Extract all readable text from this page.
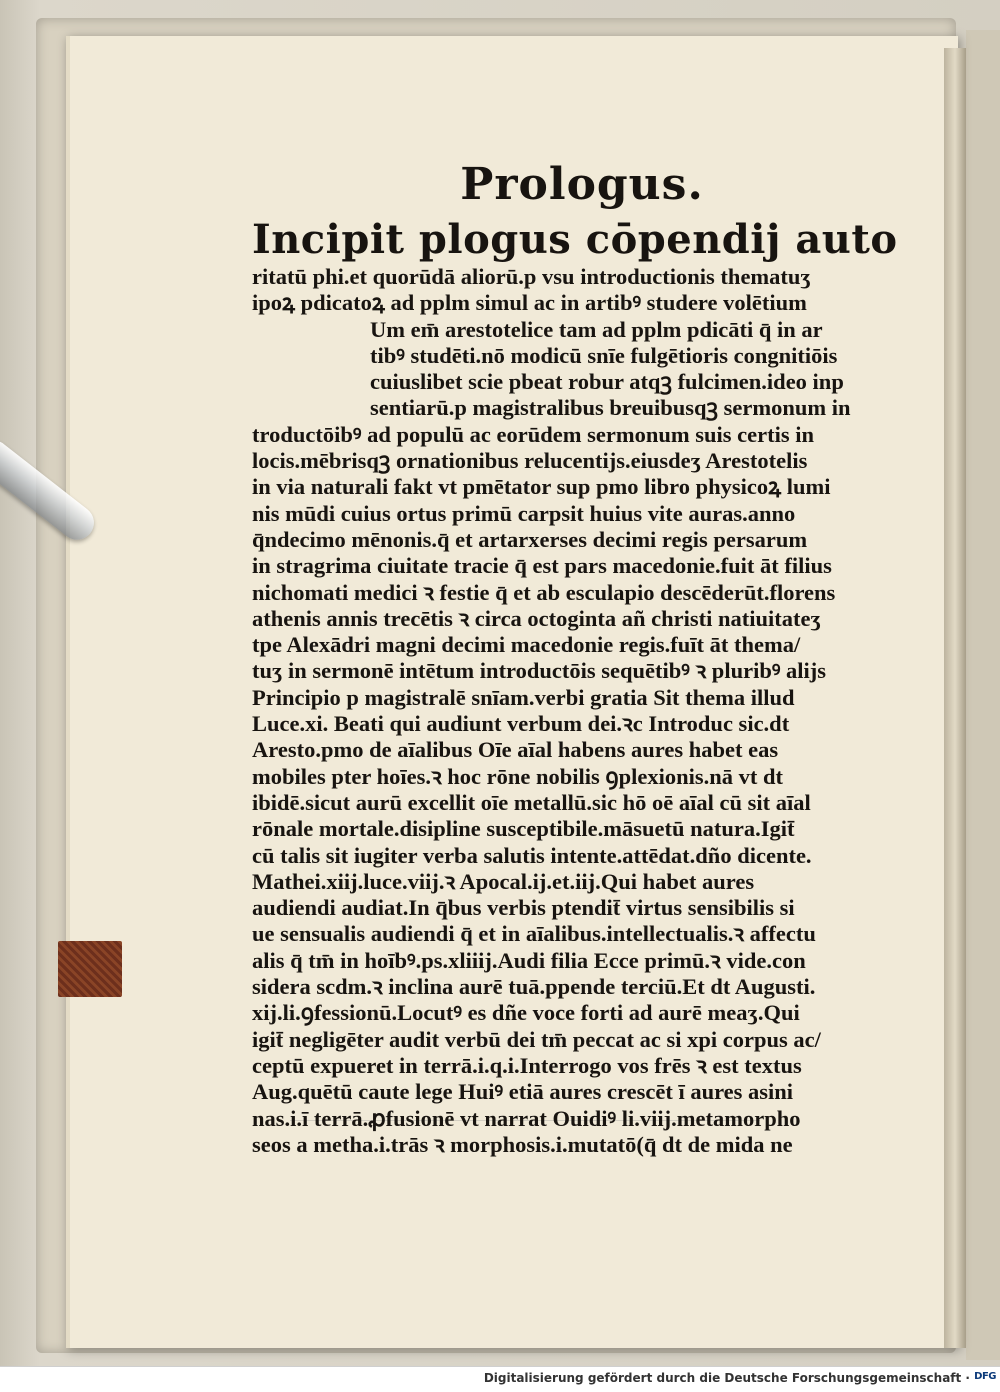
Prologus.
Incipit plogus cōpendij auto
ritatū phi.et quorūdā aliorū.p vsu introductionis thematuʒ
ipoꝝ pdicatoꝝ ad pplm simul ac in artibꝰ studere volētium
Um em̄ arestotelice tam ad pplm pdicāti q̄ in ar
tibꝰ studēti.nō modicū snīe fulgētioris congnitiōis
cuiuslibet scie pbeat robur atqꝫ fulcimen.ideo inp
sentiarū.p magistralibus breuibusqꝫ sermonum in
troductōibꝰ ad populū ac eorūdem sermonum suis certis in
locis.mēbrisqꝫ ornationibus relucentijs.eiusdeʒ Arestotelis
in via naturali fakt vt pmētator sup pmo libro physicoꝝ lumi
nis mūdi cuius ortus primū carpsit huius vite auras.anno
q̄ndecimo mēnonis.q̄ et artarxerses decimi regis persarum
in stragrima ciuitate tracie q̄ est pars macedonie.fuit āt filius
nichomati medici ꝛ festie q̄ et ab esculapio descēderūt.florens
athenis annis trecētis ꝛ circa octoginta añ christi natiuitateʒ
tpe Alexādri magni decimi macedonie regis.fuīt āt thema/
tuʒ in sermonē intētum introductōis sequētibꝰ ꝛ pluribꝰ alijs
Principio p magistralē snīam.verbi gratia Sit thema illud
Luce.xi. Beati qui audiunt verbum dei.ꝛc Introduc sic.dt
Aresto.pmo de aīalibus Oīe aīal habens aures habet eas
mobiles pter hoīes.ꝛ hoc rōne nobilis ꝯplexionis.nā vt dt
ibidē.sicut aurū excellit oīe metallū.sic hō oē aīal cū sit aīal
rōnale mortale.disipline susceptibile.māsuetū natura.Igit̄
cū talis sit iugiter verba salutis intente.attēdat.dño dicente.
Mathei.xiij.luce.viij.ꝛ Apocal.ij.et.iij.Qui habet aures
audiendi audiat.In q̄bus verbis ptendit̄ virtus sensibilis si
ue sensualis audiendi q̄ et in aīalibus.intellectualis.ꝛ affectu
alis q̄ tm̄ in hoībꝰ.ps.xliiij.Audi filia Ecce primū.ꝛ vide.con
sidera scdm.ꝛ inclina aurē tuā.ppende terciū.Et dt Augusti.
xij.li.ꝯfessionū.Locutꝰ es dñe voce forti ad aurē meaʒ.Qui
igit̄ negligēter audit verbū dei tm̄ peccat ac si xpi corpus ac/
ceptū expueret in terrā.i.q.i.Interrogo vos frēs ꝛ est textus
Aug.quētū caute lege Huiꝰ etiā aures crescēt ī aures asini
nas.i.ī terrā.ꝓfusionē vt narrat Ouidiꝰ li.viij.metamorpho
seos a metha.i.trās ꝛ morphosis.i.mutatō(q̄ dt de mida ne
Digitalisierung gefördert durch die Deutsche Forschungsgemeinschaft · DFG
